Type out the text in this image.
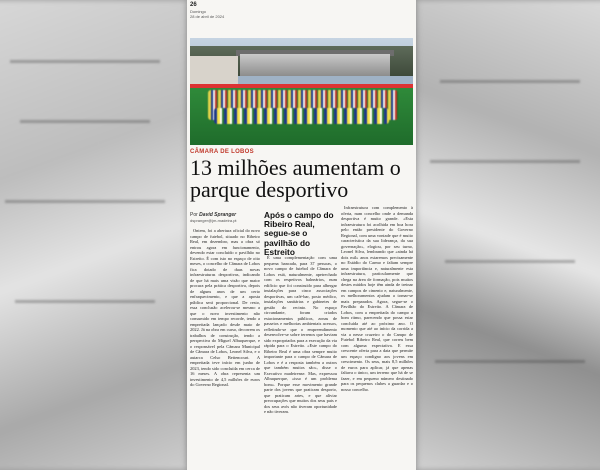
26
Domingo
28 de abril de 2024
CÂMARA DE LOBOS
13 milhões aumentam o parque desportivo
Por David Spranger
dspranger@jm-madeira.pt
Após o campo do Ribeiro Real, segue-se o pavilhão do Estreito

Ontem, foi a abertura oficial do novo campo de futebol, situado no Ribeiro Real, em dezembro, mas a obra só entrou agora em funcionamento, devendo estar concluído o pavilhão no Estreito. É com isto no espaço de oito meses, o concelho de Câmara de Lobos fica dotado de duas novas infraestruturas desportivas, indicando de que há mais uma visão que maior procura pela prática desportiva, depois de alguns anos de um certo enfraquecimento, e que a aposta pública será proporcional. De resto, essa conclusão acelerou-se mesmo a que o novo investimento não consumido em tempo recorde, tendo a empreitada lançado desde maio de 2022. Já na obra em curso, decorrem os trabalhos de construção, tendo a perspectiva do Miguel Albuquerque, e o responsável pela Câmara Municipal de Câmara de Lobos, Leonel Silva, e o autarca Celso Bettencourt. A empreitada teve início em junho de 2023, tendo sido concluída em cerca de 16 meses. A obra representa um investimento de 4,5 milhões de euros do Governo Regional.

É uma complementação com uma pequena bancada, para 37 pessoas, o novo campo de futebol de Câmara de Lobos está, naturalmente, apetrechado com os respetivos balneários, num edifício que foi construído para albergar instalações para cinco associações desportivas, um café-bar, posto médico, instalações sanitárias e gabinetes de gestão do recinto. No espaço circundante, foram criados estacionamentos públicos, zonas de passeios e melhorias ambientais acessos, refletindo-se que o empreendimento desenvolve-se sobre terrenos que haviam sido expropriados para a execução da via rápida para o Estreito. «Este campo do Ribeiro Real é uma obra sempre muito importante para o campo de Câmara de Lobos e é a resposta também a outros que também muitos são», disse o Executivo madeirense. Mas, expressou Albuquerque, «isso é um problema bom». Porque esse movimento grande parte dos jovens que praticam desporto, que praticam artes, e que aliviar preocupações que muitos dos seus pais e dos seus avós não tiveram oportunidade e não tiveram.

Infraestrutura com complemento à oferta, num concelho onde a demanda desportiva é muito grande. «Esta infraestrutura foi acolhida em boa hora pelo então presidente do Governo Regional, com uma vontade que é muito característica da sua liderança, da sua governação», elogiou, por seu turno, Leonel Silva, lembrando que «ainda há dois mil» anos estaremos precisamente no Estádio do Carmo e faltam sempre uma importância e, naturalmente esta infraestrutura, particularmente que chega na área de formação, pois muitos destes miúdos hoje têm ainda de treinar em campos de cimento e, naturalmente, os melhoramentos ajudam a tornar-se mais preparados. Agora, segue-se o Pavilhão do Estreito. A Câmara de Lobos, com a empreitada do campo a bom ritmo, parecendo que possa estar concluída até ao próximo ano. O momento que até ao início da corrida a via a nesse cruzeiro o do Campo de Futebol Ribeiro Real, que correu bem com alguma expectativa. E essa crescente oferta para a data que permite um espaço condigno aos jovens em crescimento. Os seus, mais 8,5 milhões de euros para aplicar, já que apenas faltava o único, um terreno que há de se fazer, e em pequeno número destinado para os pequenos clubes a guardar e o nosso concelho.
